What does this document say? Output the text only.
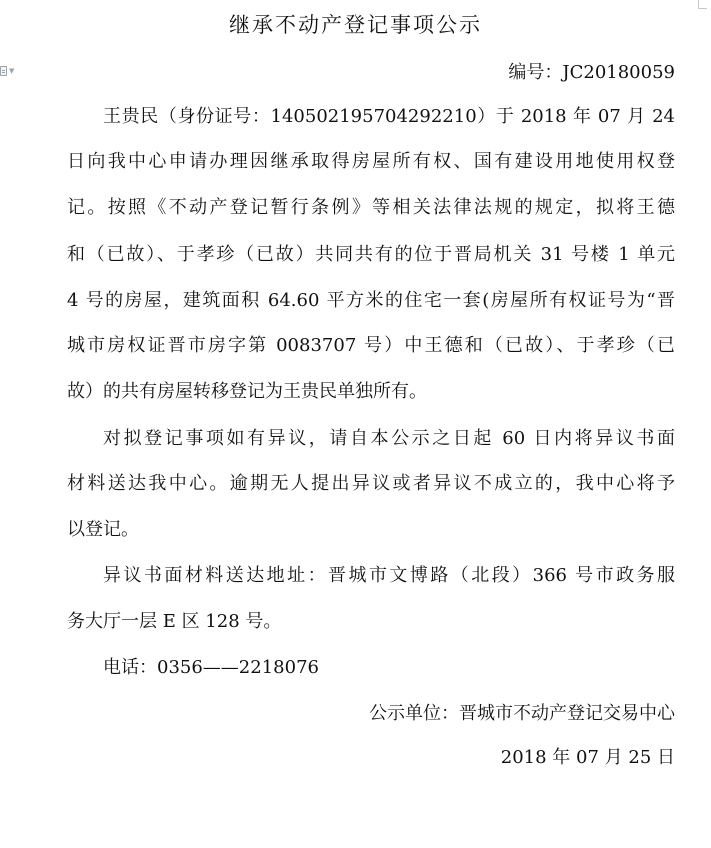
▼
继承不动产登记事项公示
编号：JC20180059
王贵民（身份证号：140502195704292210）于 2018 年 07 月 24
日向我中心申请办理因继承取得房屋所有权、国有建设用地使用权登
记。按照《不动产登记暂行条例》等相关法律法规的规定，拟将王德
和（已故）、于孝珍（已故）共同共有的位于晋局机关 31 号楼 1 单元
4 号的房屋，建筑面积 64.60 平方米的住宅一套(房屋所有权证号为“晋
城市房权证晋市房字第 0083707 号）中王德和（已故）、于孝珍（已
故）的共有房屋转移登记为王贵民单独所有。
对拟登记事项如有异议，请自本公示之日起 60 日内将异议书面
材料送达我中心。逾期无人提出异议或者异议不成立的，我中心将予
以登记。
异议书面材料送达地址：晋城市文博路（北段）366 号市政务服
务大厅一层 E 区 128 号。
电话：0356——2218076
公示单位：晋城市不动产登记交易中心
2018 年 07 月 25 日
